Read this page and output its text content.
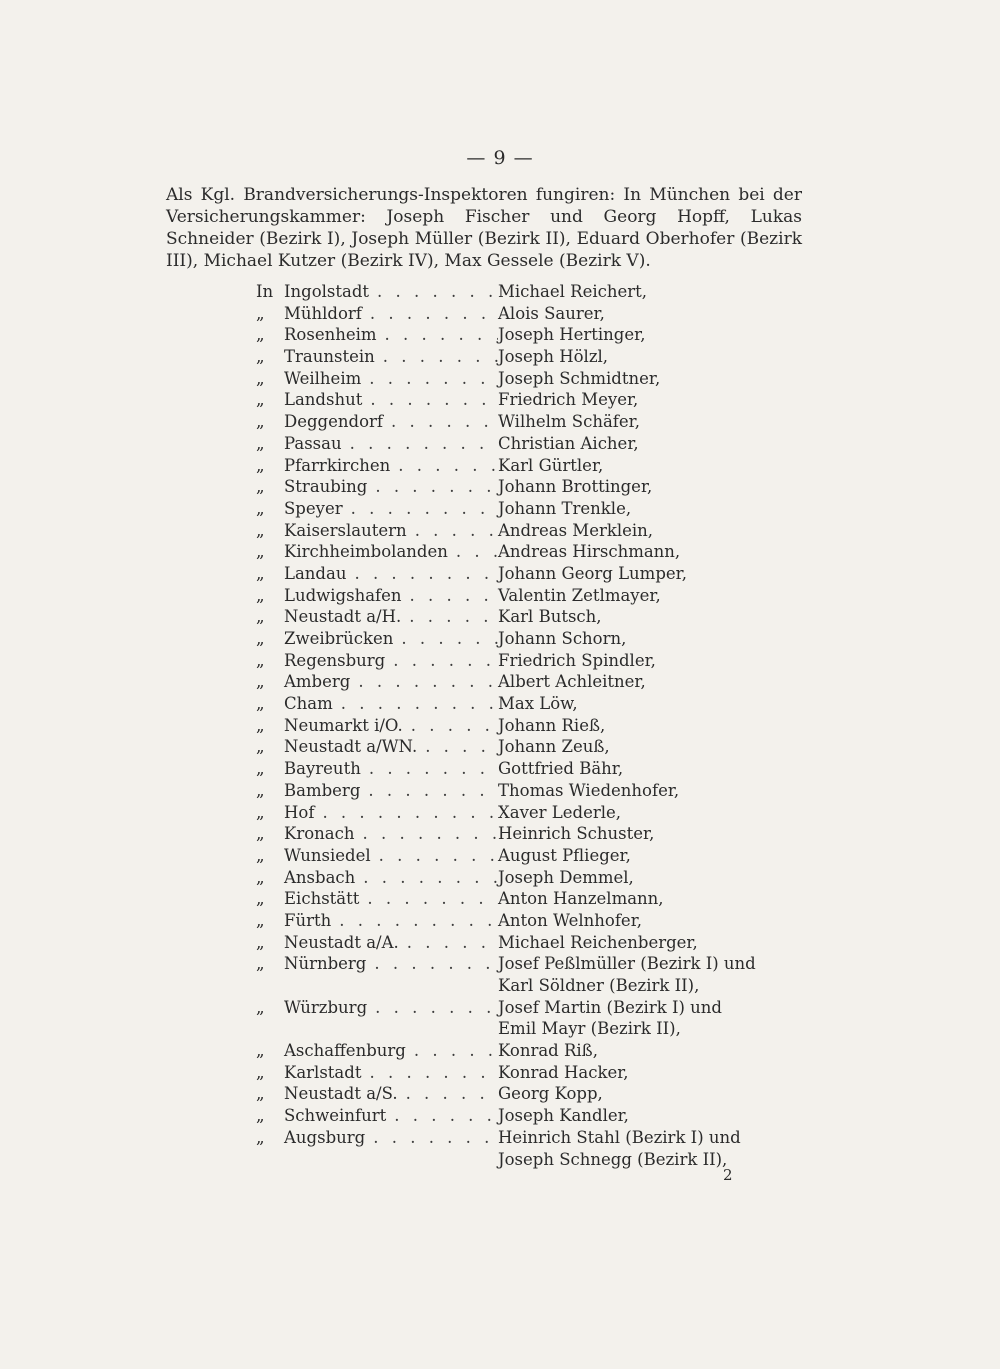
— 9 —
Als Kgl. Brandversicherungs-Inspektoren fungiren: In München bei der Versicherungskammer: Joseph Fischer und Georg Hopff, Lukas Schneider (Bezirk I), Joseph Müller (Bezirk II), Eduard Oberhofer (Bezirk III), Michael Kutzer (Bezirk IV), Max Gessele (Bezirk V).
In Ingolstadt . . .	Michael Reichert,
„	Mühldorf . . .	Alois Saurer,
„	Rosenheim . . .	Joseph Hertinger,
„	Traunstein . . .	Joseph Hölzl,
„	Weilheim . . .	Joseph Schmidtner,
„	Landshut . . .	Friedrich Meyer,
„	Deggendorf . . .	Wilhelm Schäfer,
„	Passau . . .	Christian Aicher,
„	Pfarrkirchen . . .	Karl Gürtler,
„	Straubing . . .	Johann Brottinger,
„	Speyer . . .	Johann Trenkle,
„	Kaiserslautern . . .	Andreas Merklein,
„	Kirchheimbolanden . . .	Andreas Hirschmann,
„	Landau . . .	Johann Georg Lumper,
„	Ludwigshafen . . .	Valentin Zetlmayer,
„	Neustadt a/H. . . .	Karl Butsch,
„	Zweibrücken . . .	Johann Schorn,
„	Regensburg . . .	Friedrich Spindler,
„	Amberg . . .	Albert Achleitner,
„	Cham . . .	Max Löw,
„	Neumarkt i/O. . . .	Johann Rieß,
„	Neustadt a/WN. . . .	Johann Zeuß,
„	Bayreuth . . .	Gottfried Bähr,
„	Bamberg . . .	Thomas Wiedenhofer,
„	Hof . . .	Xaver Lederle,
„	Kronach . . .	Heinrich Schuster,
„	Wunsiedel . . .	August Pflieger,
„	Ansbach . . .	Joseph Demmel,
„	Eichstätt . . .	Anton Hanzelmann,
„	Fürth . . .	Anton Welnhofer,
„	Neustadt a/A. . . .	Michael Reichenberger,
„	Nürnberg . . .	Josef Peßlmüller (Bezirk I) und
Karl Söldner (Bezirk II),
„	Würzburg . . .	Josef Martin (Bezirk I) und
Emil Mayr (Bezirk II),
„	Aschaffenburg . . .	Konrad Riß,
„	Karlstadt . . .	Konrad Hacker,
„	Neustadt a/S. . . .	Georg Kopp,
„	Schweinfurt . . .	Joseph Kandler,
„	Augsburg . . .	Heinrich Stahl (Bezirk I) und
Joseph Schnegg (Bezirk II),
2
